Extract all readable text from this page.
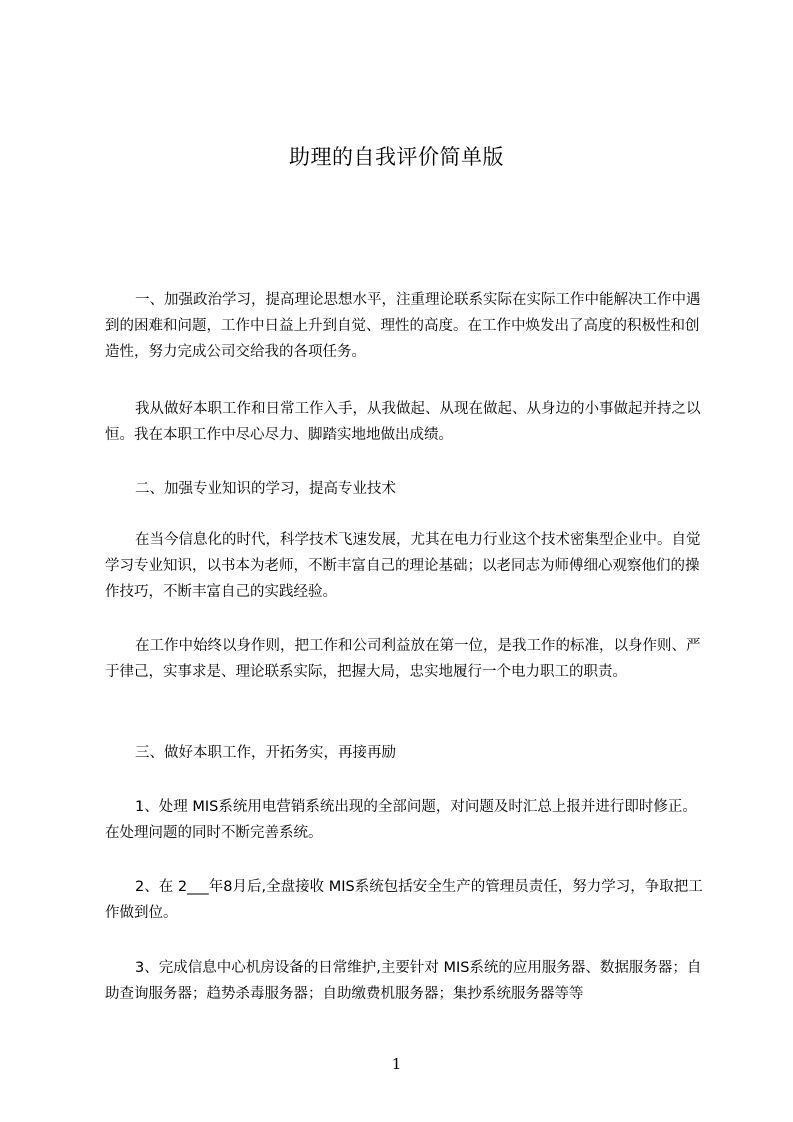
助理的自我评价简单版

一、加强政治学习，提高理论思想水平，注重理论联系实际在实际工作中能解决工作中遇到的困难和问题，工作中日益上升到自觉、理性的高度。在工作中焕发出了高度的积极性和创造性，努力完成公司交给我的各项任务。

我从做好本职工作和日常工作入手，从我做起、从现在做起、从身边的小事做起并持之以恒。我在本职工作中尽心尽力、脚踏实地地做出成绩。

二、加强专业知识的学习，提高专业技术

在当今信息化的时代，科学技术飞速发展，尤其在电力行业这个技术密集型企业中。自觉学习专业知识，以书本为老师，不断丰富自己的理论基础；以老同志为师傅细心观察他们的操作技巧，不断丰富自己的实践经验。

在工作中始终以身作则，把工作和公司利益放在第一位，是我工作的标准，以身作则、严于律己，实事求是、理论联系实际，把握大局，忠实地履行一个电力职工的职责。

三、做好本职工作，开拓务实，再接再励

1、处理 MIS系统用电营销系统出现的全部问题，对问题及时汇总上报并进行即时修正。在处理问题的同时不断完善系统。

2、在 2___年8月后,全盘接收 MIS系统包括安全生产的管理员责任，努力学习，争取把工作做到位。

3、完成信息中心机房设备的日常维护,主要针对 MIS系统的应用服务器、数据服务器；自助查询服务器；趋势杀毒服务器；自助缴费机服务器；集抄系统服务器等等

1
